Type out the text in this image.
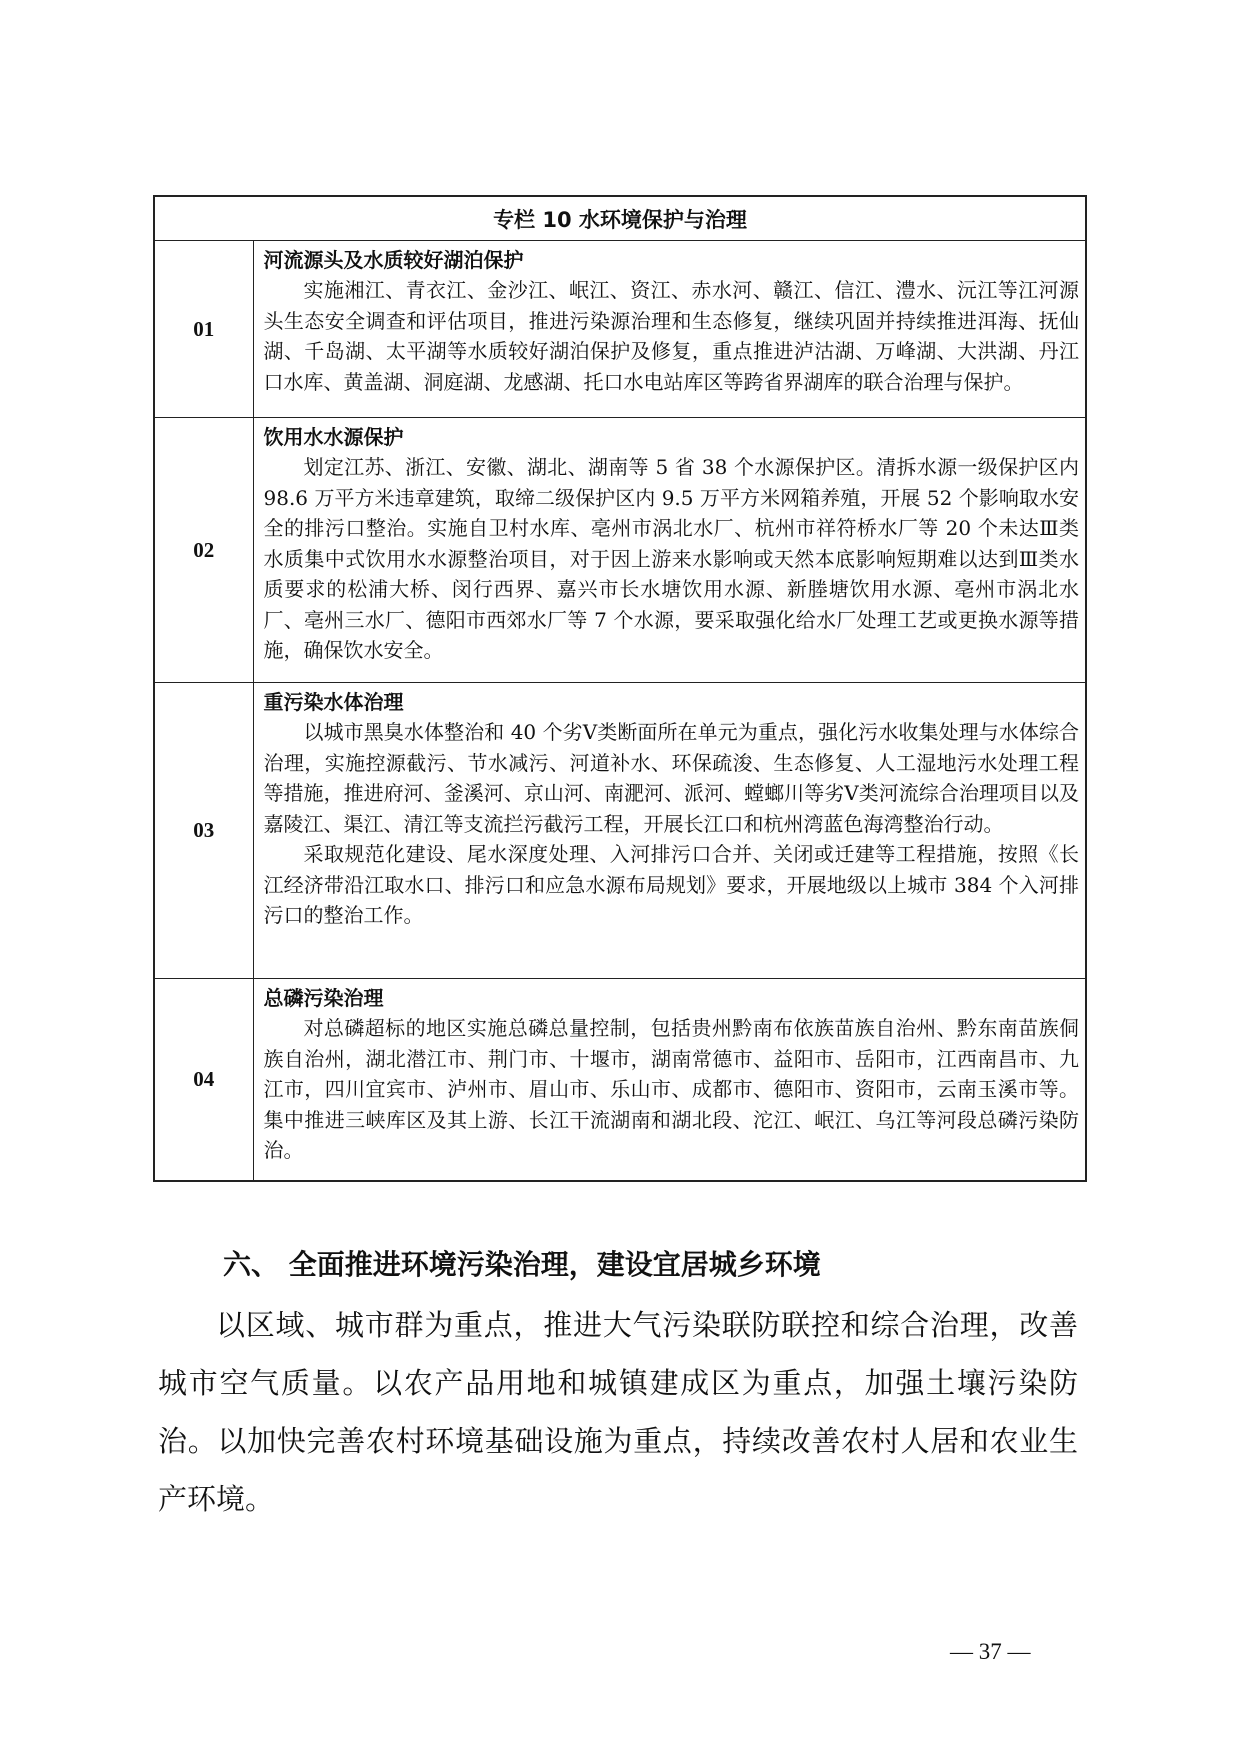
专栏 10 水环境保护与治理	
01	河流源头及水质较好湖泊保护

实施湘江、青衣江、金沙江、岷江、资江、赤水河、赣江、信江、澧水、沅江等江河源头生态安全调查和评估项目，推进污染源治理和生态修复，继续巩固并持续推进洱海、抚仙湖、千岛湖、太平湖等水质较好湖泊保护及修复，重点推进泸沽湖、万峰湖、大洪湖、丹江口水库、黄盖湖、洞庭湖、龙感湖、托口水电站库区等跨省界湖库的联合治理与保护。

02	饮用水水源保护

划定江苏、浙江、安徽、湖北、湖南等 5 省 38 个水源保护区。清拆水源一级保护区内 98.6 万平方米违章建筑，取缔二级保护区内 9.5 万平方米网箱养殖，开展 52 个影响取水安全的排污口整治。实施自卫村水库、亳州市涡北水厂、杭州市祥符桥水厂等 20 个未达Ⅲ类水质集中式饮用水水源整治项目，对于因上游来水影响或天然本底影响短期难以达到Ⅲ类水质要求的松浦大桥、闵行西界、嘉兴市长水塘饮用水源、新塍塘饮用水源、亳州市涡北水厂、亳州三水厂、德阳市西郊水厂等 7 个水源，要采取强化给水厂处理工艺或更换水源等措施，确保饮水安全。

03	重污染水体治理

以城市黑臭水体整治和 40 个劣Ⅴ类断面所在单元为重点，强化污水收集处理与水体综合治理，实施控源截污、节水减污、河道补水、环保疏浚、生态修复、人工湿地污水处理工程等措施，推进府河、釜溪河、京山河、南淝河、派河、螳螂川等劣Ⅴ类河流综合治理项目以及嘉陵江、渠江、清江等支流拦污截污工程，开展长江口和杭州湾蓝色海湾整治行动。

采取规范化建设、尾水深度处理、入河排污口合并、关闭或迁建等工程措施，按照《长江经济带沿江取水口、排污口和应急水源布局规划》要求，开展地级以上城市 384 个入河排污口的整治工作。

04	总磷污染治理

对总磷超标的地区实施总磷总量控制，包括贵州黔南布依族苗族自治州、黔东南苗族侗族自治州，湖北潜江市、荆门市、十堰市，湖南常德市、益阳市、岳阳市，江西南昌市、九江市，四川宜宾市、泸州市、眉山市、乐山市、成都市、德阳市、资阳市，云南玉溪市等。集中推进三峡库区及其上游、长江干流湖南和湖北段、沱江、岷江、乌江等河段总磷污染防治。

六、 全面推进环境污染治理，建设宜居城乡环境

以区域、城市群为重点，推进大气污染联防联控和综合治理，改善城市空气质量。以农产品用地和城镇建成区为重点，加强土壤污染防治。以加快完善农村环境基础设施为重点，持续改善农村人居和农业生产环境。

— 37 —
